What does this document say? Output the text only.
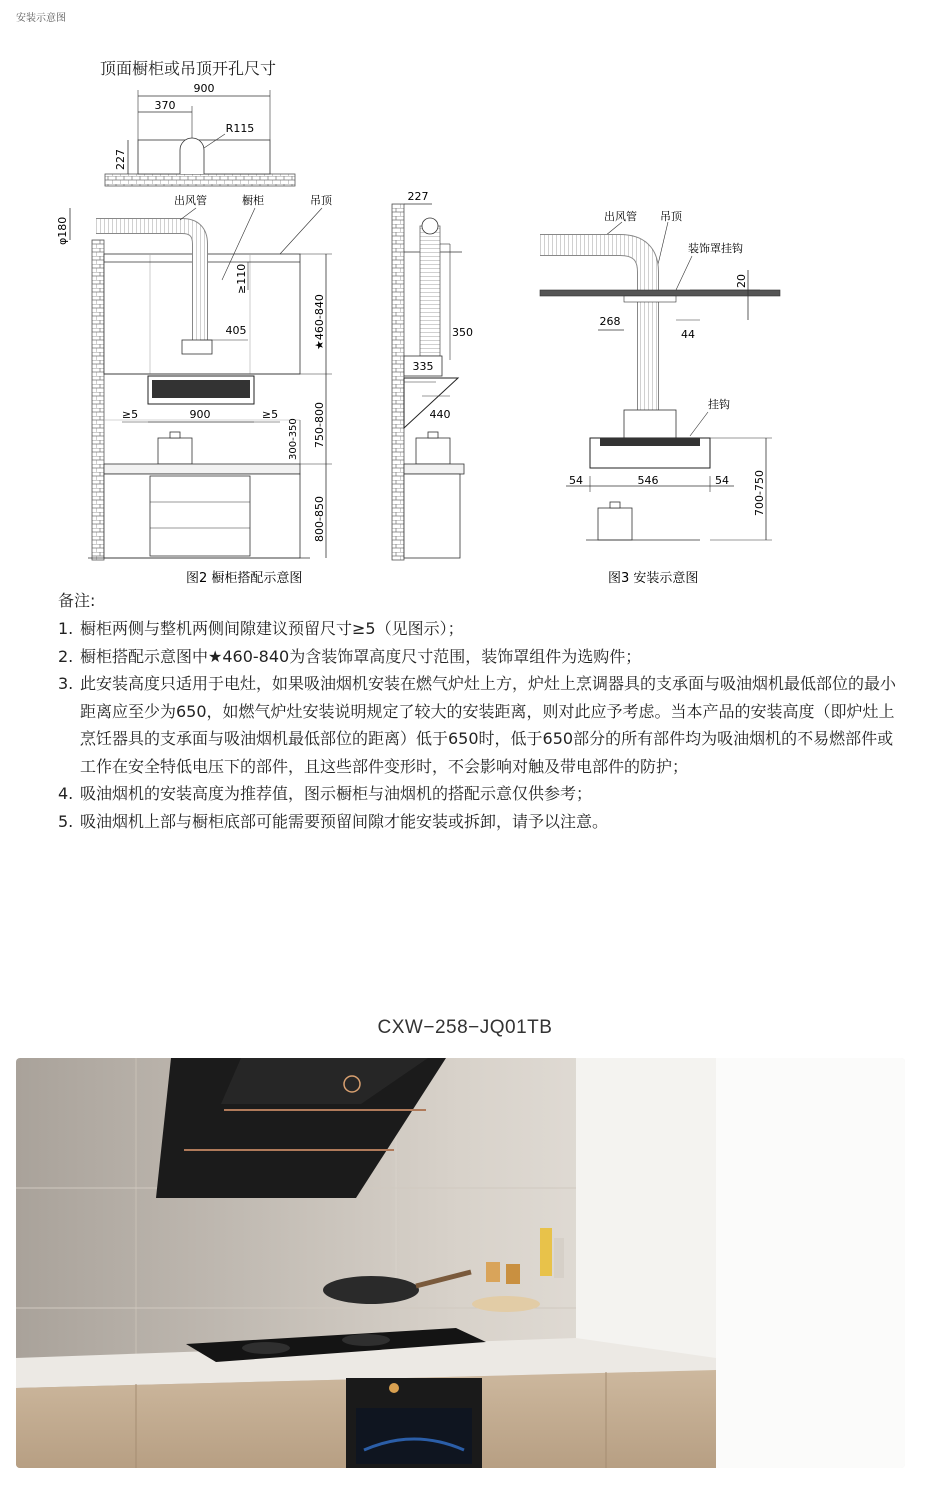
安装示意图
顶面橱柜或吊顶开孔尺寸
900
370
R115
227
φ180
出风管	橱柜	吊顶
≥110
405
≥5	900	≥5
★460-840
750-800
300-350
800-850
图2 橱柜搭配示意图
227
350
335
440
出风管 吊顶
装饰罩挂钩
20
268
44
挂钩
54	546	54 700-750
图3 安装示意图
备注:
1. 橱柜两侧与整机两侧间隙建议预留尺寸≥5（见图示）；
2. 橱柜搭配示意图中★460-840为含装饰罩高度尺寸范围，装饰罩组件为选购件；
3. 此安装高度只适用于电灶，如果吸油烟机安装在燃气炉灶上方，炉灶上烹调器具的支承面与吸油烟机最低部位的最小距离应至少为650，如燃气炉灶安装说明规定了较大的安装距离，则对此应予考虑。当本产品的安装高度（即炉灶上烹饪器具的支承面与吸油烟机最低部位的距离）低于650时，低于650部分的所有部件均为吸油烟机的不易燃部件或工作在安全特低电压下的部件，且这些部件变形时，不会影响对触及带电部件的防护；
4. 吸油烟机的安装高度为推荐值，图示橱柜与油烟机的搭配示意仅供参考；
5. 吸油烟机上部与橱柜底部可能需要预留间隙才能安装或拆卸，请予以注意。
CXW−258−JQ01TB
